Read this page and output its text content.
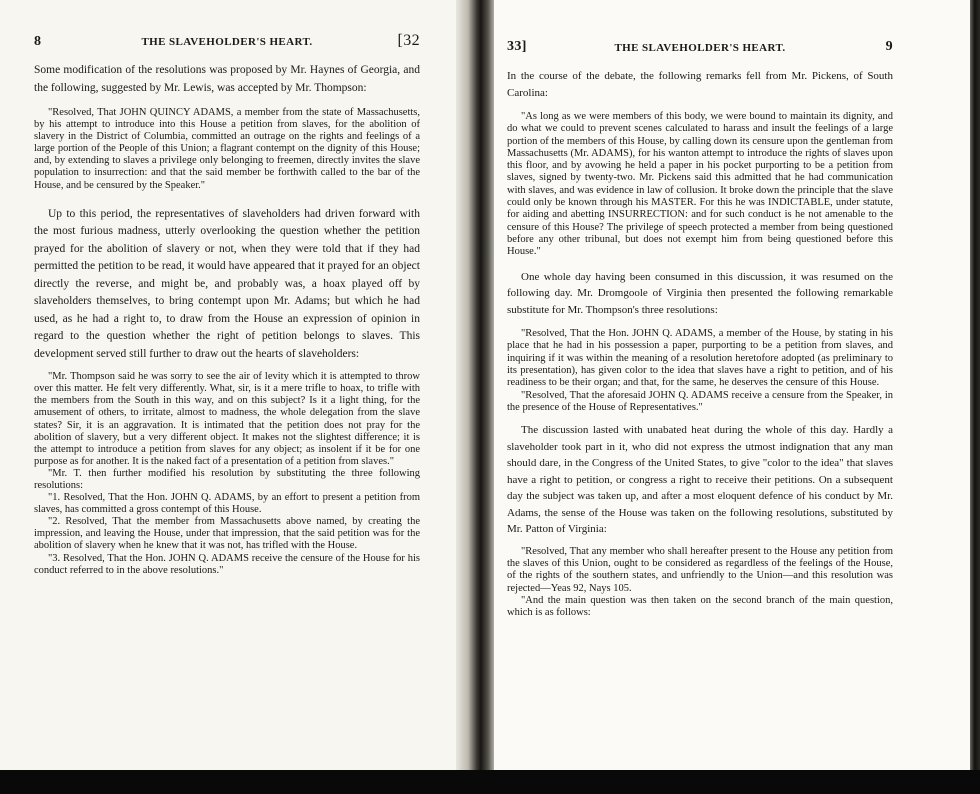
8	THE SLAVEHOLDER'S HEART.	[32

Some modification of the resolutions was proposed by Mr. Haynes of Georgia, and the following, suggested by Mr. Lewis, was accepted by Mr. Thompson:

"Resolved, That JOHN QUINCY ADAMS, a member from the state of Massachusetts, by his attempt to introduce into this House a petition from slaves, for the abolition of slavery in the District of Columbia, committed an outrage on the rights and feelings of a large portion of the People of this Union; a flagrant contempt on the dignity of this House; and, by extending to slaves a privilege only belonging to freemen, directly invites the slave population to insurrection: and that the said member be forthwith called to the bar of the House, and be censured by the Speaker."

Up to this period, the representatives of slaveholders had driven forward with the most furious madness, utterly overlooking the question whether the petition prayed for the abolition of slavery or not, when they were told that if they had permitted the petition to be read, it would have appeared that it prayed for an object directly the reverse, and might be, and probably was, a hoax played off by slaveholders themselves, to bring contempt upon Mr. Adams; but which he had used, as he had a right to, to draw from the House an expression of opinion in regard to the question whether the right of petition belongs to slaves. This development served still further to draw out the hearts of slaveholders:

"Mr. Thompson said he was sorry to see the air of levity which it is attempted to throw over this matter. He felt very differently. What, sir, is it a mere trifle to hoax, to trifle with the members from the South in this way, and on this subject? Is it a light thing, for the amusement of others, to irritate, almost to madness, the whole delegation from the slave states? Sir, it is an aggravation. It is intimated that the petition does not pray for the abolition of slavery, but a very different object. It makes not the slightest difference; it is the attempt to introduce a petition from slaves for any object; as insolent if it be for one purpose as for another. It is the naked fact of a presentation of a petition from slaves."

"Mr. T. then further modified his resolution by substituting the three following resolutions:

"1. Resolved, That the Hon. JOHN Q. ADAMS, by an effort to present a petition from slaves, has committed a gross contempt of this House.

"2. Resolved, That the member from Massachusetts above named, by creating the impression, and leaving the House, under that impression, that the said petition was for the abolition of slavery when he knew that it was not, has trifled with the House.

"3. Resolved, That the Hon. JOHN Q. ADAMS receive the censure of the House for his conduct referred to in the above resolutions."

33]	THE SLAVEHOLDER'S HEART.	9

In the course of the debate, the following remarks fell from Mr. Pickens, of South Carolina:

"As long as we were members of this body, we were bound to maintain its dignity, and do what we could to prevent scenes calculated to harass and insult the feelings of a large portion of the members of this House, by calling down its censure upon the gentleman from Massachusetts (Mr. ADAMS), for his wanton attempt to introduce the rights of slaves upon this floor, and by avowing he held a paper in his pocket purporting to be a petition from slaves, signed by twenty-two. Mr. Pickens said this admitted that he had communication with slaves, and was evidence in law of collusion. It broke down the principle that the slave could only be known through his MASTER. For this he was INDICTABLE, under statute, for aiding and abetting INSURRECTION: and for such conduct is he not amenable to the censure of this House? The privilege of speech protected a member from being questioned before any other tribunal, but does not exempt him from being questioned before this House."

One whole day having been consumed in this discussion, it was resumed on the following day. Mr. Dromgoole of Virginia then presented the following remarkable substitute for Mr. Thompson's three resolutions:

"Resolved, That the Hon. JOHN Q. ADAMS, a member of the House, by stating in his place that he had in his possession a paper, purporting to be a petition from slaves, and inquiring if it was within the meaning of a resolution heretofore adopted (as preliminary to its presentation), has given color to the idea that slaves have a right to petition, and of his readiness to be their organ; and that, for the same, he deserves the censure of this House.

"Resolved, That the aforesaid JOHN Q. ADAMS receive a censure from the Speaker, in the presence of the House of Representatives."

The discussion lasted with unabated heat during the whole of this day. Hardly a slaveholder took part in it, who did not express the utmost indignation that any man should dare, in the Congress of the United States, to give "color to the idea" that slaves have a right to petition, or congress a right to receive their petitions. On a subsequent day the subject was taken up, and after a most eloquent defence of his conduct by Mr. Adams, the sense of the House was taken on the following resolutions, substituted by Mr. Patton of Virginia:

"Resolved, That any member who shall hereafter present to the House any petition from the slaves of this Union, ought to be considered as regardless of the feelings of the House, of the rights of the southern states, and unfriendly to the Union—and this resolution was rejected—Yeas 92, Nays 105.

"And the main question was then taken on the second branch of the main question, which is as follows:
